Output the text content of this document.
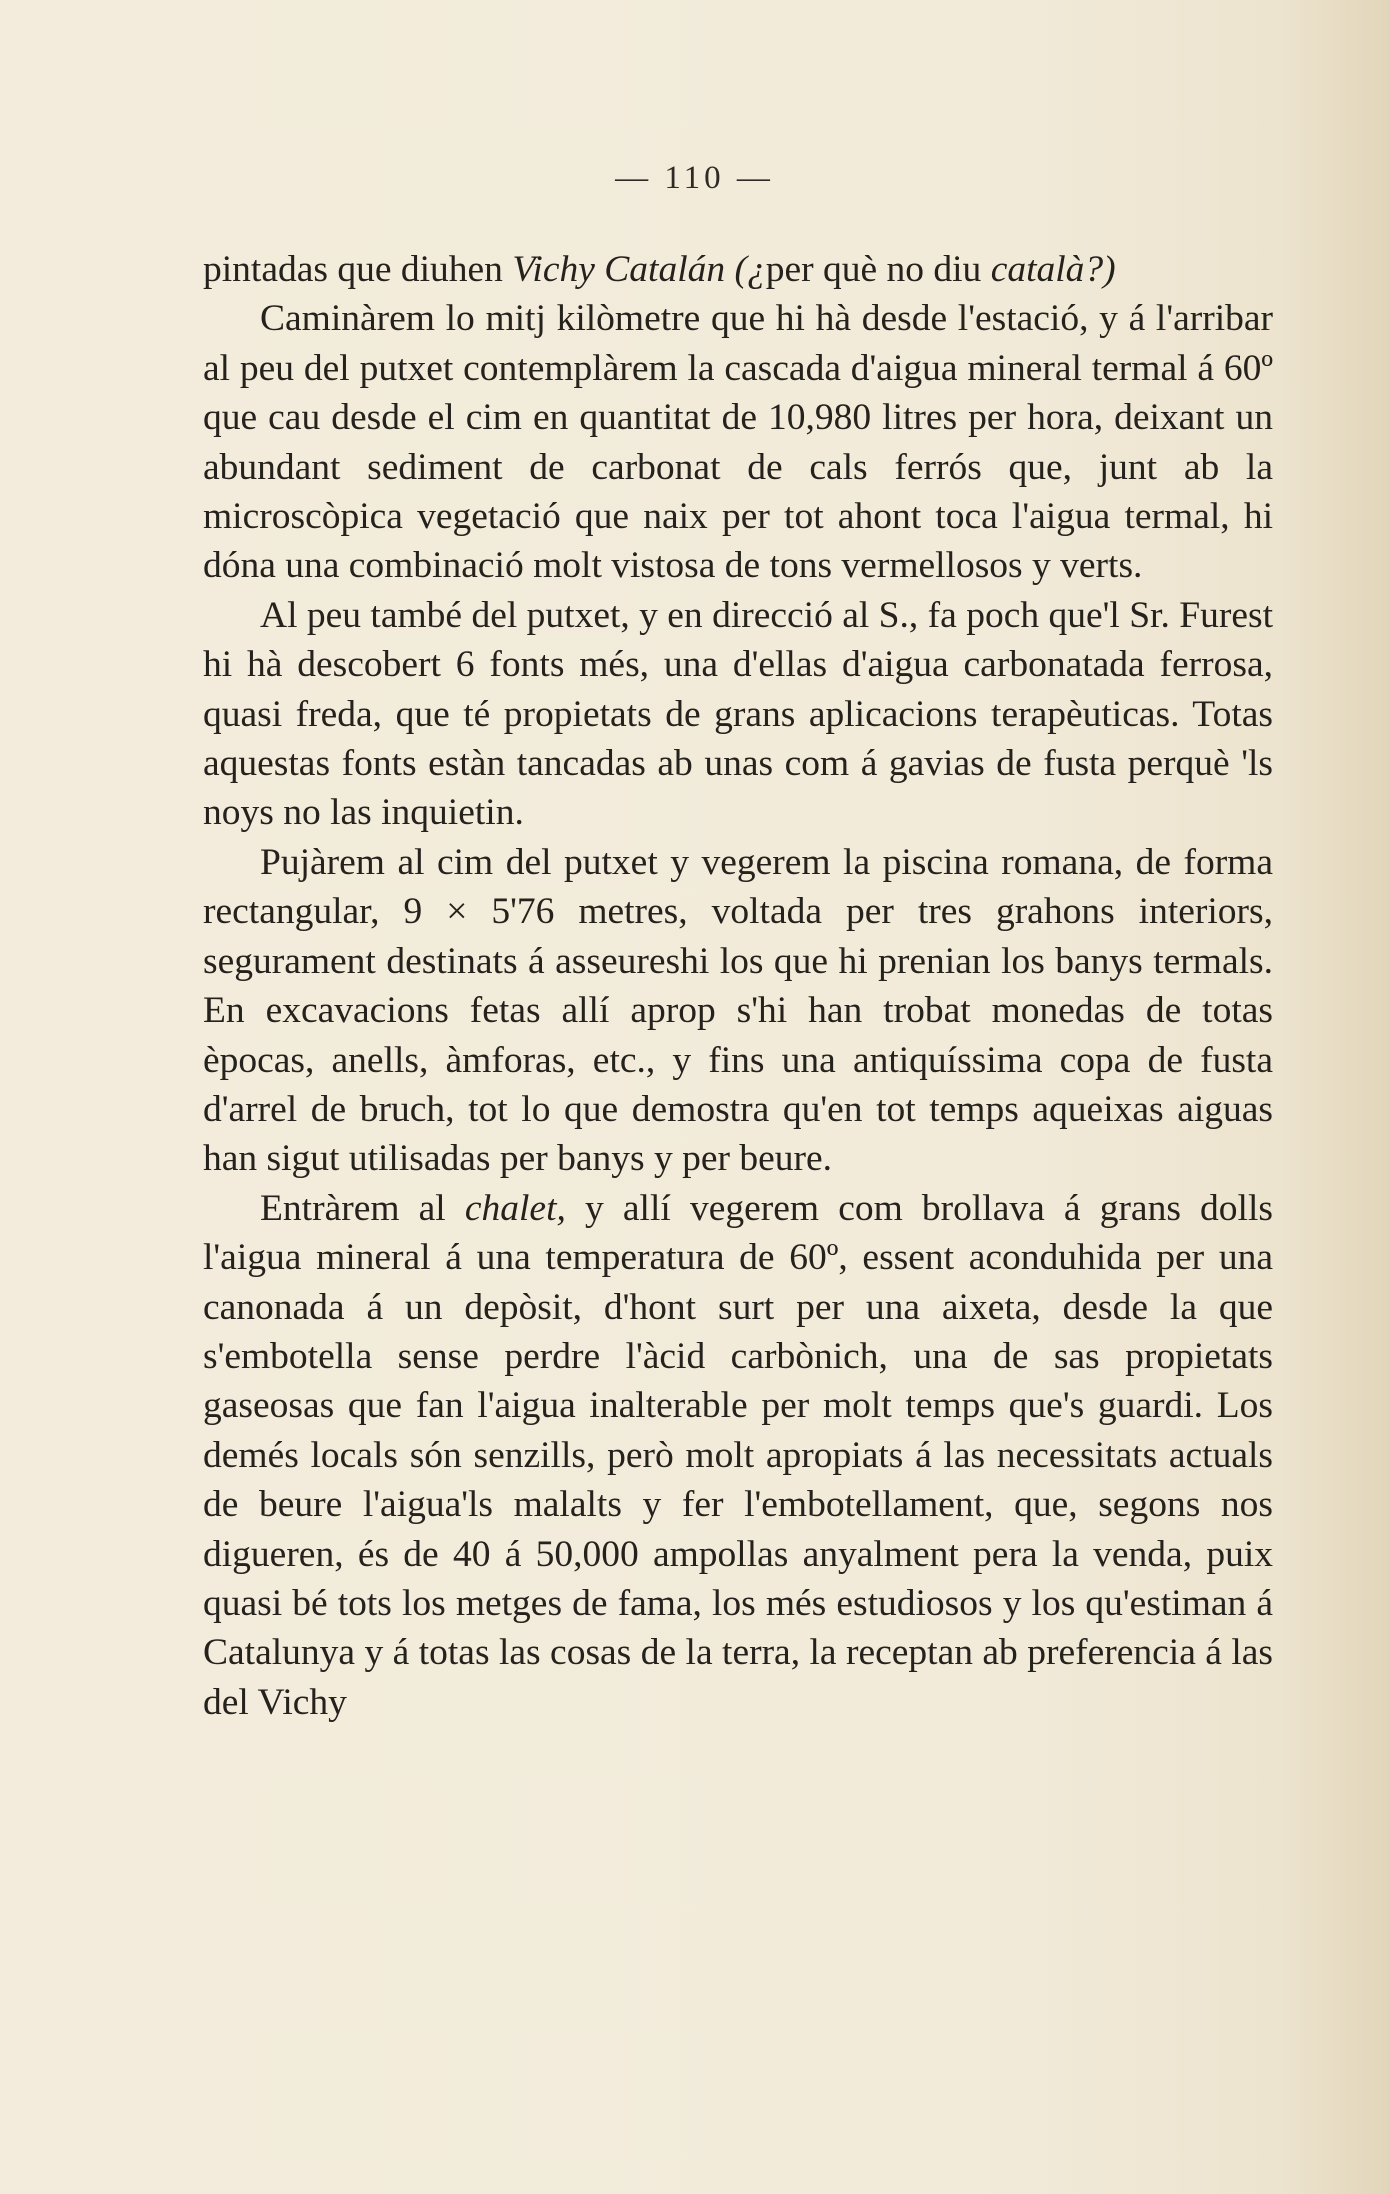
— 110 —

pintadas que diuhen Vichy Catalán (¿per què no diu català?)

Caminàrem lo mitj kilòmetre que hi hà desde l'estació, y á l'arribar al peu del putxet contemplàrem la cascada d'aigua mineral termal á 60º que cau desde el cim en quantitat de 10,980 litres per hora, deixant un abundant sediment de carbonat de cals ferrós que, junt ab la microscòpica vegetació que naix per tot ahont toca l'aigua termal, hi dóna una combinació molt vistosa de tons vermellosos y verts.

Al peu també del putxet, y en direcció al S., fa poch que'l Sr. Furest hi hà descobert 6 fonts més, una d'ellas d'aigua carbonatada ferrosa, quasi freda, que té propietats de grans aplicacions terapèuticas. Totas aquestas fonts estàn tancadas ab unas com á gavias de fusta perquè 'ls noys no las inquietin.

Pujàrem al cim del putxet y vegerem la piscina romana, de forma rectangular, 9 × 5'76 metres, voltada per tres grahons interiors, segurament destinats á asseureshi los que hi prenian los banys termals. En excavacions fetas allí aprop s'hi han trobat monedas de totas èpocas, anells, àmforas, etc., y fins una antiquíssima copa de fusta d'arrel de bruch, tot lo que demostra qu'en tot temps aqueixas aiguas han sigut utilisadas per banys y per beure.

Entràrem al chalet, y allí vegerem com brollava á grans dolls l'aigua mineral á una temperatura de 60º, essent aconduhida per una canonada á un depòsit, d'hont surt per una aixeta, desde la que s'embotella sense perdre l'àcid carbònich, una de sas propietats gaseosas que fan l'aigua inalterable per molt temps que's guardi. Los demés locals són senzills, però molt apropiats á las necessitats actuals de beure l'aigua'ls malalts y fer l'embotellament, que, segons nos digueren, és de 40 á 50,000 ampollas anyalment pera la venda, puix quasi bé tots los metges de fama, los més estudiosos y los qu'estiman á Catalunya y á totas las cosas de la terra, la receptan ab preferencia á las del Vichy
